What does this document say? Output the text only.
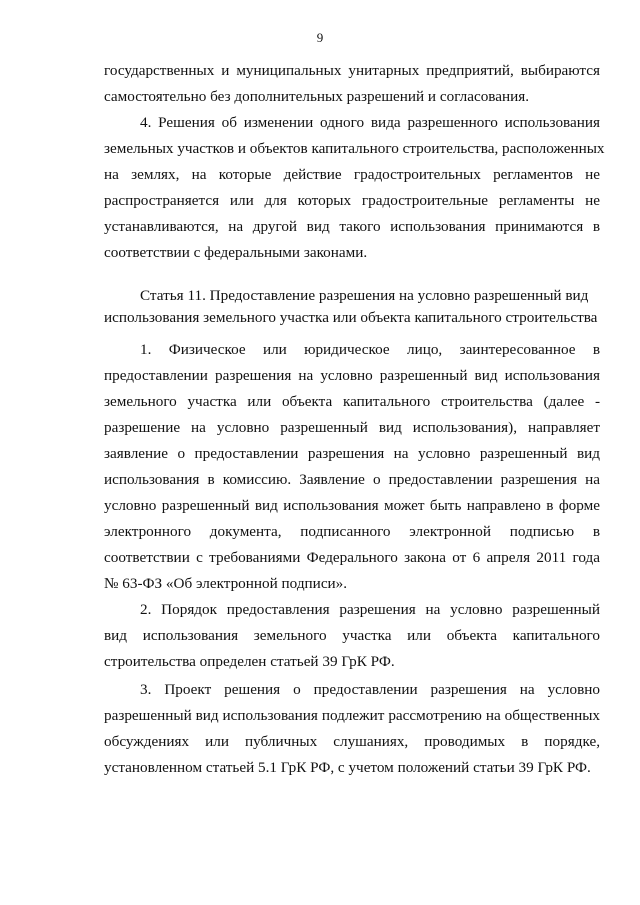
9
государственных и муниципальных унитарных предприятий, выбираются
самостоятельно без дополнительных разрешений и согласования.
4. Решения об изменении одного вида разрешенного использования
земельных участков и объектов капитального строительства, расположенных
на землях, на которые действие градостроительных регламентов не
распространяется или для которых градостроительные регламенты не
устанавливаются, на другой вид такого использования принимаются в
соответствии с федеральными законами.
Статья 11. Предоставление разрешения на условно разрешенный вид
использования земельного участка или объекта капитального строительства
1. Физическое или юридическое лицо, заинтересованное в
предоставлении разрешения на условно разрешенный вид использования
земельного участка или объекта капитального строительства (далее -
разрешение на условно разрешенный вид использования), направляет
заявление о предоставлении разрешения на условно разрешенный вид
использования в комиссию. Заявление о предоставлении разрешения на
условно разрешенный вид использования может быть направлено в форме
электронного документа, подписанного электронной подписью в
соответствии с требованиями Федерального закона от 6 апреля 2011 года
№ 63-ФЗ «Об электронной подписи».
2. Порядок предоставления разрешения на условно разрешенный
вид использования земельного участка или объекта капитального
строительства определен статьей 39 ГрК РФ.
3. Проект решения о предоставлении разрешения на условно
разрешенный вид использования подлежит рассмотрению на общественных
обсуждениях или публичных слушаниях, проводимых в порядке,
установленном статьей 5.1 ГрК РФ, с учетом положений статьи 39 ГрК РФ.
